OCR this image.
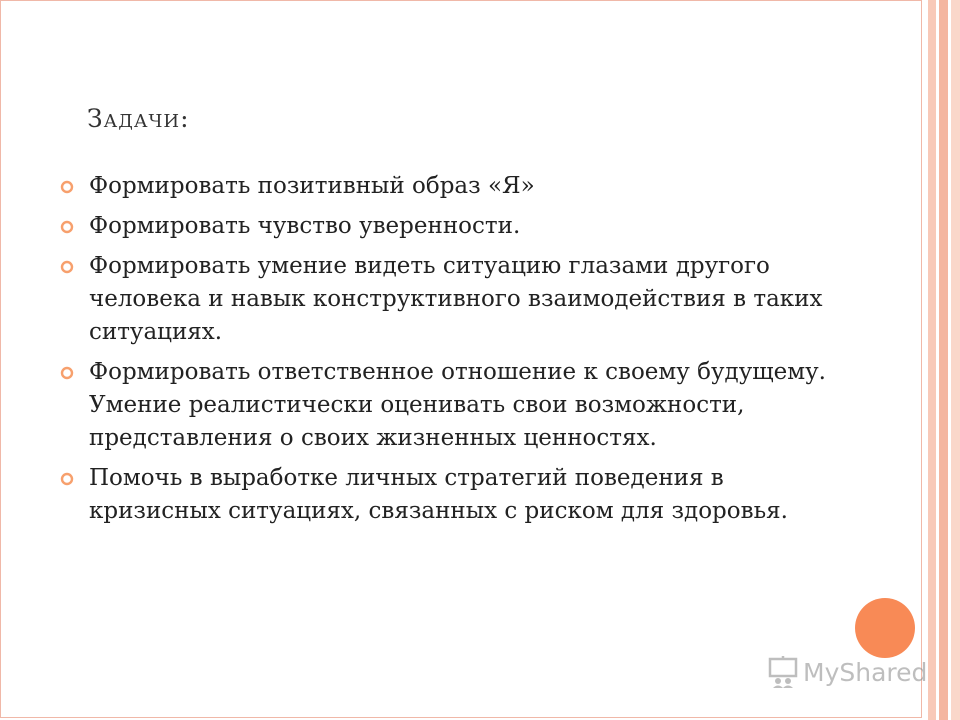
Задачи:
Формировать позитивный образ «Я»
Формировать чувство уверенности.
Формировать умение видеть ситуацию глазами другого человека и навык конструктивного взаимодействия в таких ситуациях.
Формировать ответственное отношение к своему будущему. Умение реалистически оценивать свои возможности, представления о своих жизненных ценностях.
Помочь в выработке личных стратегий поведения в кризисных ситуациях, связанных с риском для здоровья.
MyShared
